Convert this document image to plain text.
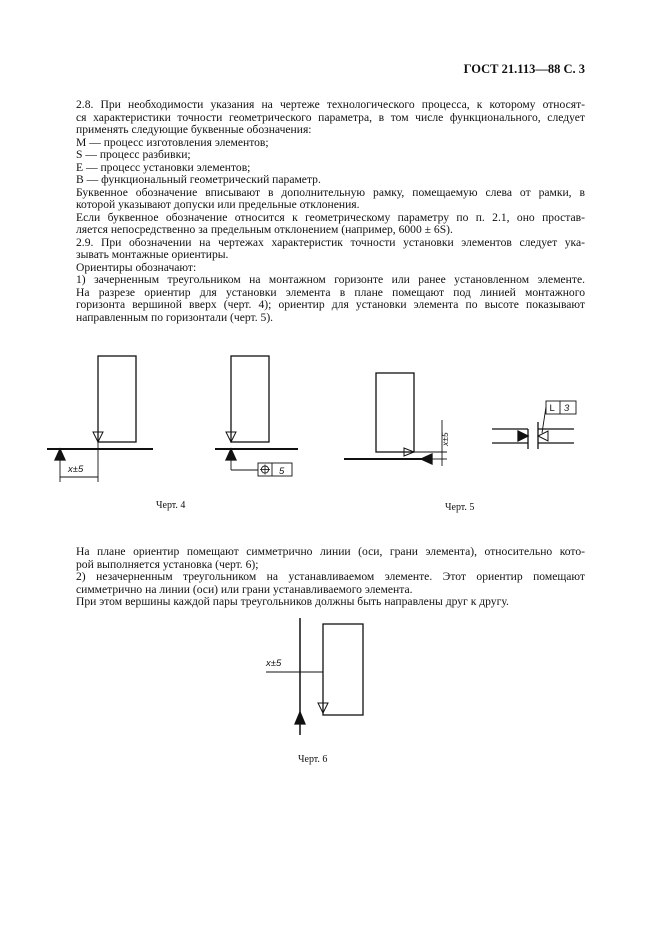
ГОСТ 21.113—88 С. 3
2.8. При необходимости указания на чертеже технологического процесса, к которому относят-
ся характеристики точности геометрического параметра, в том числе функционального, следует
применять следующие буквенные обозначения:
М — процесс изготовления элементов;
S — процесс разбивки;
Е — процесс установки элементов;
В — функциональный геометрический параметр.
Буквенное обозначение вписывают в дополнительную рамку, помещаемую слева от рамки, в
которой указывают допуски или предельные отклонения.
Если буквенное обозначение относится к геометрическому параметру по п. 2.1, оно простав-
ляется непосредственно за предельным отклонением (например, 6000 ± 6S).
2.9. При обозначении на чертежах характеристик точности установки элементов следует ука-
зывать монтажные ориентиры.
Ориентиры обозначают:
1) зачерненным треугольником на монтажном горизонте или ранее установленном элементе.
На разрезе ориентир для установки элемента в плане помещают под линией монтажного
горизонта вершиной вверх (черт. 4); ориентир для установки элемента по высоте показывают
направленным по горизонтали (черт. 5).
На плане ориентир помещают симметрично линии (оси, грани элемента), относительно кото-
рой выполняется установка (черт. 6);
2) незачерненным треугольником на устанавливаемом элементе. Этот ориентир помещают
симметрично на линии (оси) или грани устанавливаемого элемента.
При этом вершины каждой пары треугольников должны быть направлены друг к другу.
x±5	5
x±5
L 3
x±5
Черт. 4	Черт. 5
Черт. 6
